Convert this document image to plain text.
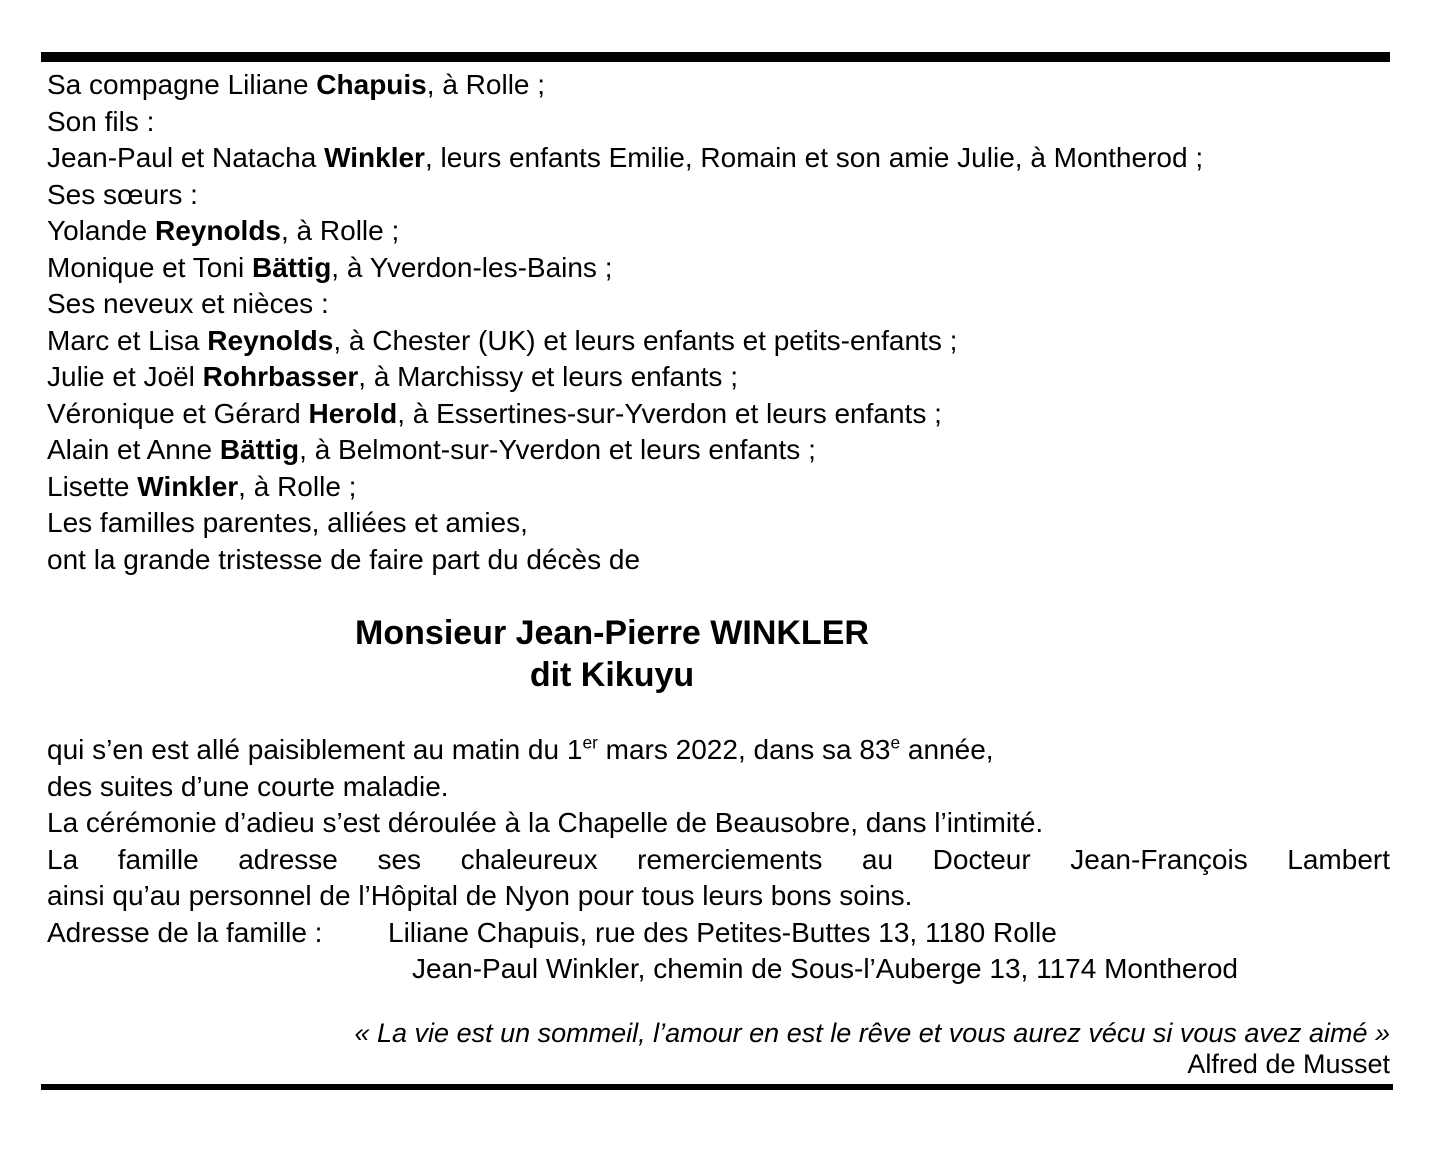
Sa compagne Liliane Chapuis, à Rolle ;
Son fils :
Jean-Paul et Natacha Winkler, leurs enfants Emilie, Romain et son amie Julie, à Montherod ;
Ses sœurs :
Yolande Reynolds, à Rolle ;
Monique et Toni Bättig, à Yverdon-les-Bains ;
Ses neveux et nièces :
Marc et Lisa Reynolds, à Chester (UK) et leurs enfants et petits-enfants ;
Julie et Joël Rohrbasser, à Marchissy et leurs enfants ;
Véronique et Gérard Herold, à Essertines-sur-Yverdon et leurs enfants ;
Alain et Anne Bättig, à Belmont-sur-Yverdon et leurs enfants ;
Lisette Winkler, à Rolle ;
Les familles parentes, alliées et amies,
ont la grande tristesse de faire part du décès de
Monsieur Jean-Pierre WINKLER
dit Kikuyu
qui s’en est allé paisiblement au matin du 1er mars 2022, dans sa 83e année,
des suites d’une courte maladie.
La cérémonie d’adieu s’est déroulée à la Chapelle de Beausobre, dans l’intimité.
La famille adresse ses chaleureux remerciements au Docteur Jean-François Lambert
ainsi qu’au personnel de l’Hôpital de Nyon pour tous leurs bons soins.
Adresse de la famille : Liliane Chapuis, rue des Petites-Buttes 13, 1180 Rolle
Jean-Paul Winkler, chemin de Sous-l’Auberge 13, 1174 Montherod
« La vie est un sommeil, l’amour en est le rêve et vous aurez vécu si vous avez aimé »
Alfred de Musset
